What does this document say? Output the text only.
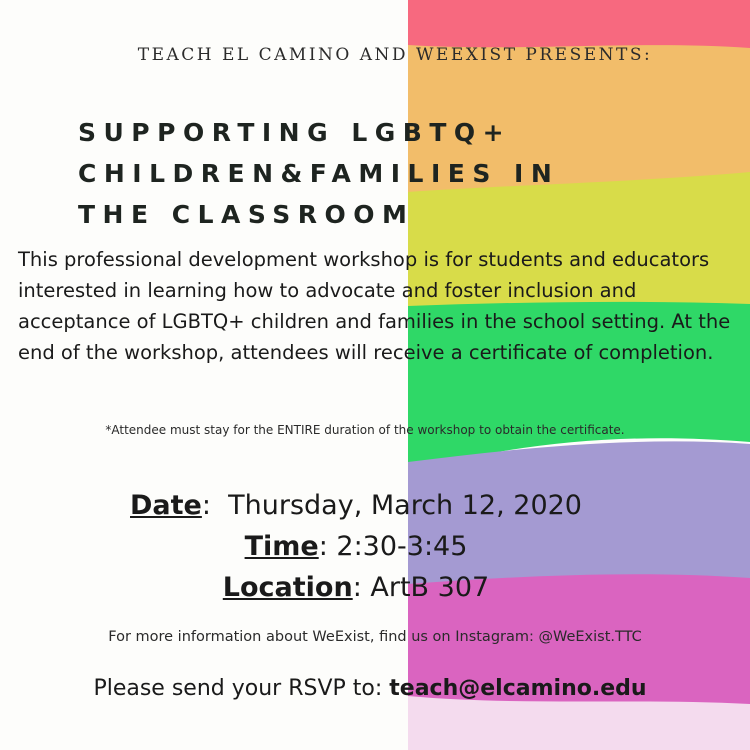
TEACH EL CAMINO AND WEEXIST PRESENTS:
SUPPORTING LGBTQ+
CHILDREN&FAMILIES IN
THE CLASSROOM

This professional development workshop is for students and educators interested in learning how to advocate and foster inclusion and acceptance of LGBTQ+ children and families in the school setting. At the end of the workshop, attendees will receive a certificate of completion.

*Attendee must stay for the ENTIRE duration of the workshop to obtain the certificate.
Date:  Thursday, March 12, 2020
Time: 2:30-3:45
Location: ArtB 307
For more information about WeExist, find us on Instagram: @WeExist.TTC
Please send your RSVP to: teach@elcamino.edu
